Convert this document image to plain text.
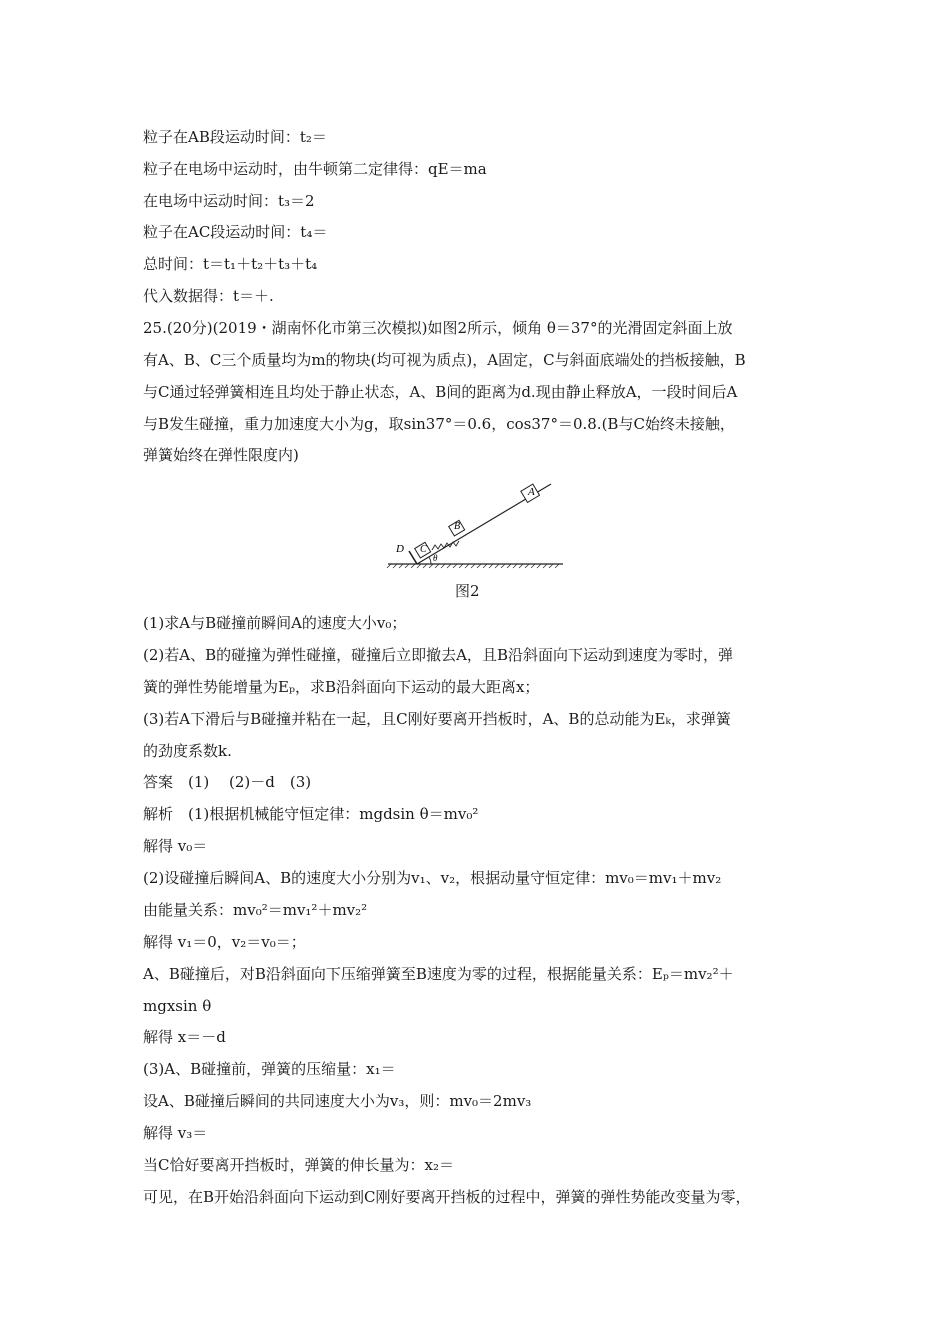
粒子在AB段运动时间：t₂＝
粒子在电场中运动时，由牛顿第二定律得：qE＝ma
在电场中运动时间：t₃＝2
粒子在AC段运动时间：t₄＝
总时间：t＝t₁＋t₂＋t₃＋t₄
代入数据得：t＝＋.
25.(20分)(2019・湖南怀化市第三次模拟)如图2所示，倾角 θ＝37°的光滑固定斜面上放
有A、B、C三个质量均为m的物块(均可视为质点)，A固定，C与斜面底端处的挡板接触，B
与C通过轻弹簧相连且均处于静止状态，A、B间的距离为d.现由静止释放A，一段时间后A
与B发生碰撞，重力加速度大小为g，取sin37°＝0.6，cos37°＝0.8.(B与C始终未接触，
弹簧始终在弹性限度内)
D C
B
A
θ
图2
(1)求A与B碰撞前瞬间A的速度大小v₀；
(2)若A、B的碰撞为弹性碰撞，碰撞后立即撤去A，且B沿斜面向下运动到速度为零时，弹
簧的弹性势能增量为Eₚ，求B沿斜面向下运动的最大距离x；
(3)若A下滑后与B碰撞并粘在一起，且C刚好要离开挡板时，A、B的总动能为Eₖ，求弹簧
的劲度系数k.
答案　(1)　 (2)－d　(3)
解析　(1)根据机械能守恒定律：mgdsin θ＝mv₀²
解得 v₀＝
(2)设碰撞后瞬间A、B的速度大小分别为v₁、v₂，根据动量守恒定律：mv₀＝mv₁＋mv₂
由能量关系：mv₀²＝mv₁²＋mv₂²
解得 v₁＝0，v₂＝v₀＝；
A、B碰撞后，对B沿斜面向下压缩弹簧至B速度为零的过程，根据能量关系：Eₚ＝mv₂²＋
mgxsin θ
解得 x＝－d
(3)A、B碰撞前，弹簧的压缩量：x₁＝
设A、B碰撞后瞬间的共同速度大小为v₃，则：mv₀＝2mv₃
解得 v₃＝
当C恰好要离开挡板时，弹簧的伸长量为：x₂＝
可见，在B开始沿斜面向下运动到C刚好要离开挡板的过程中，弹簧的弹性势能改变量为零，
